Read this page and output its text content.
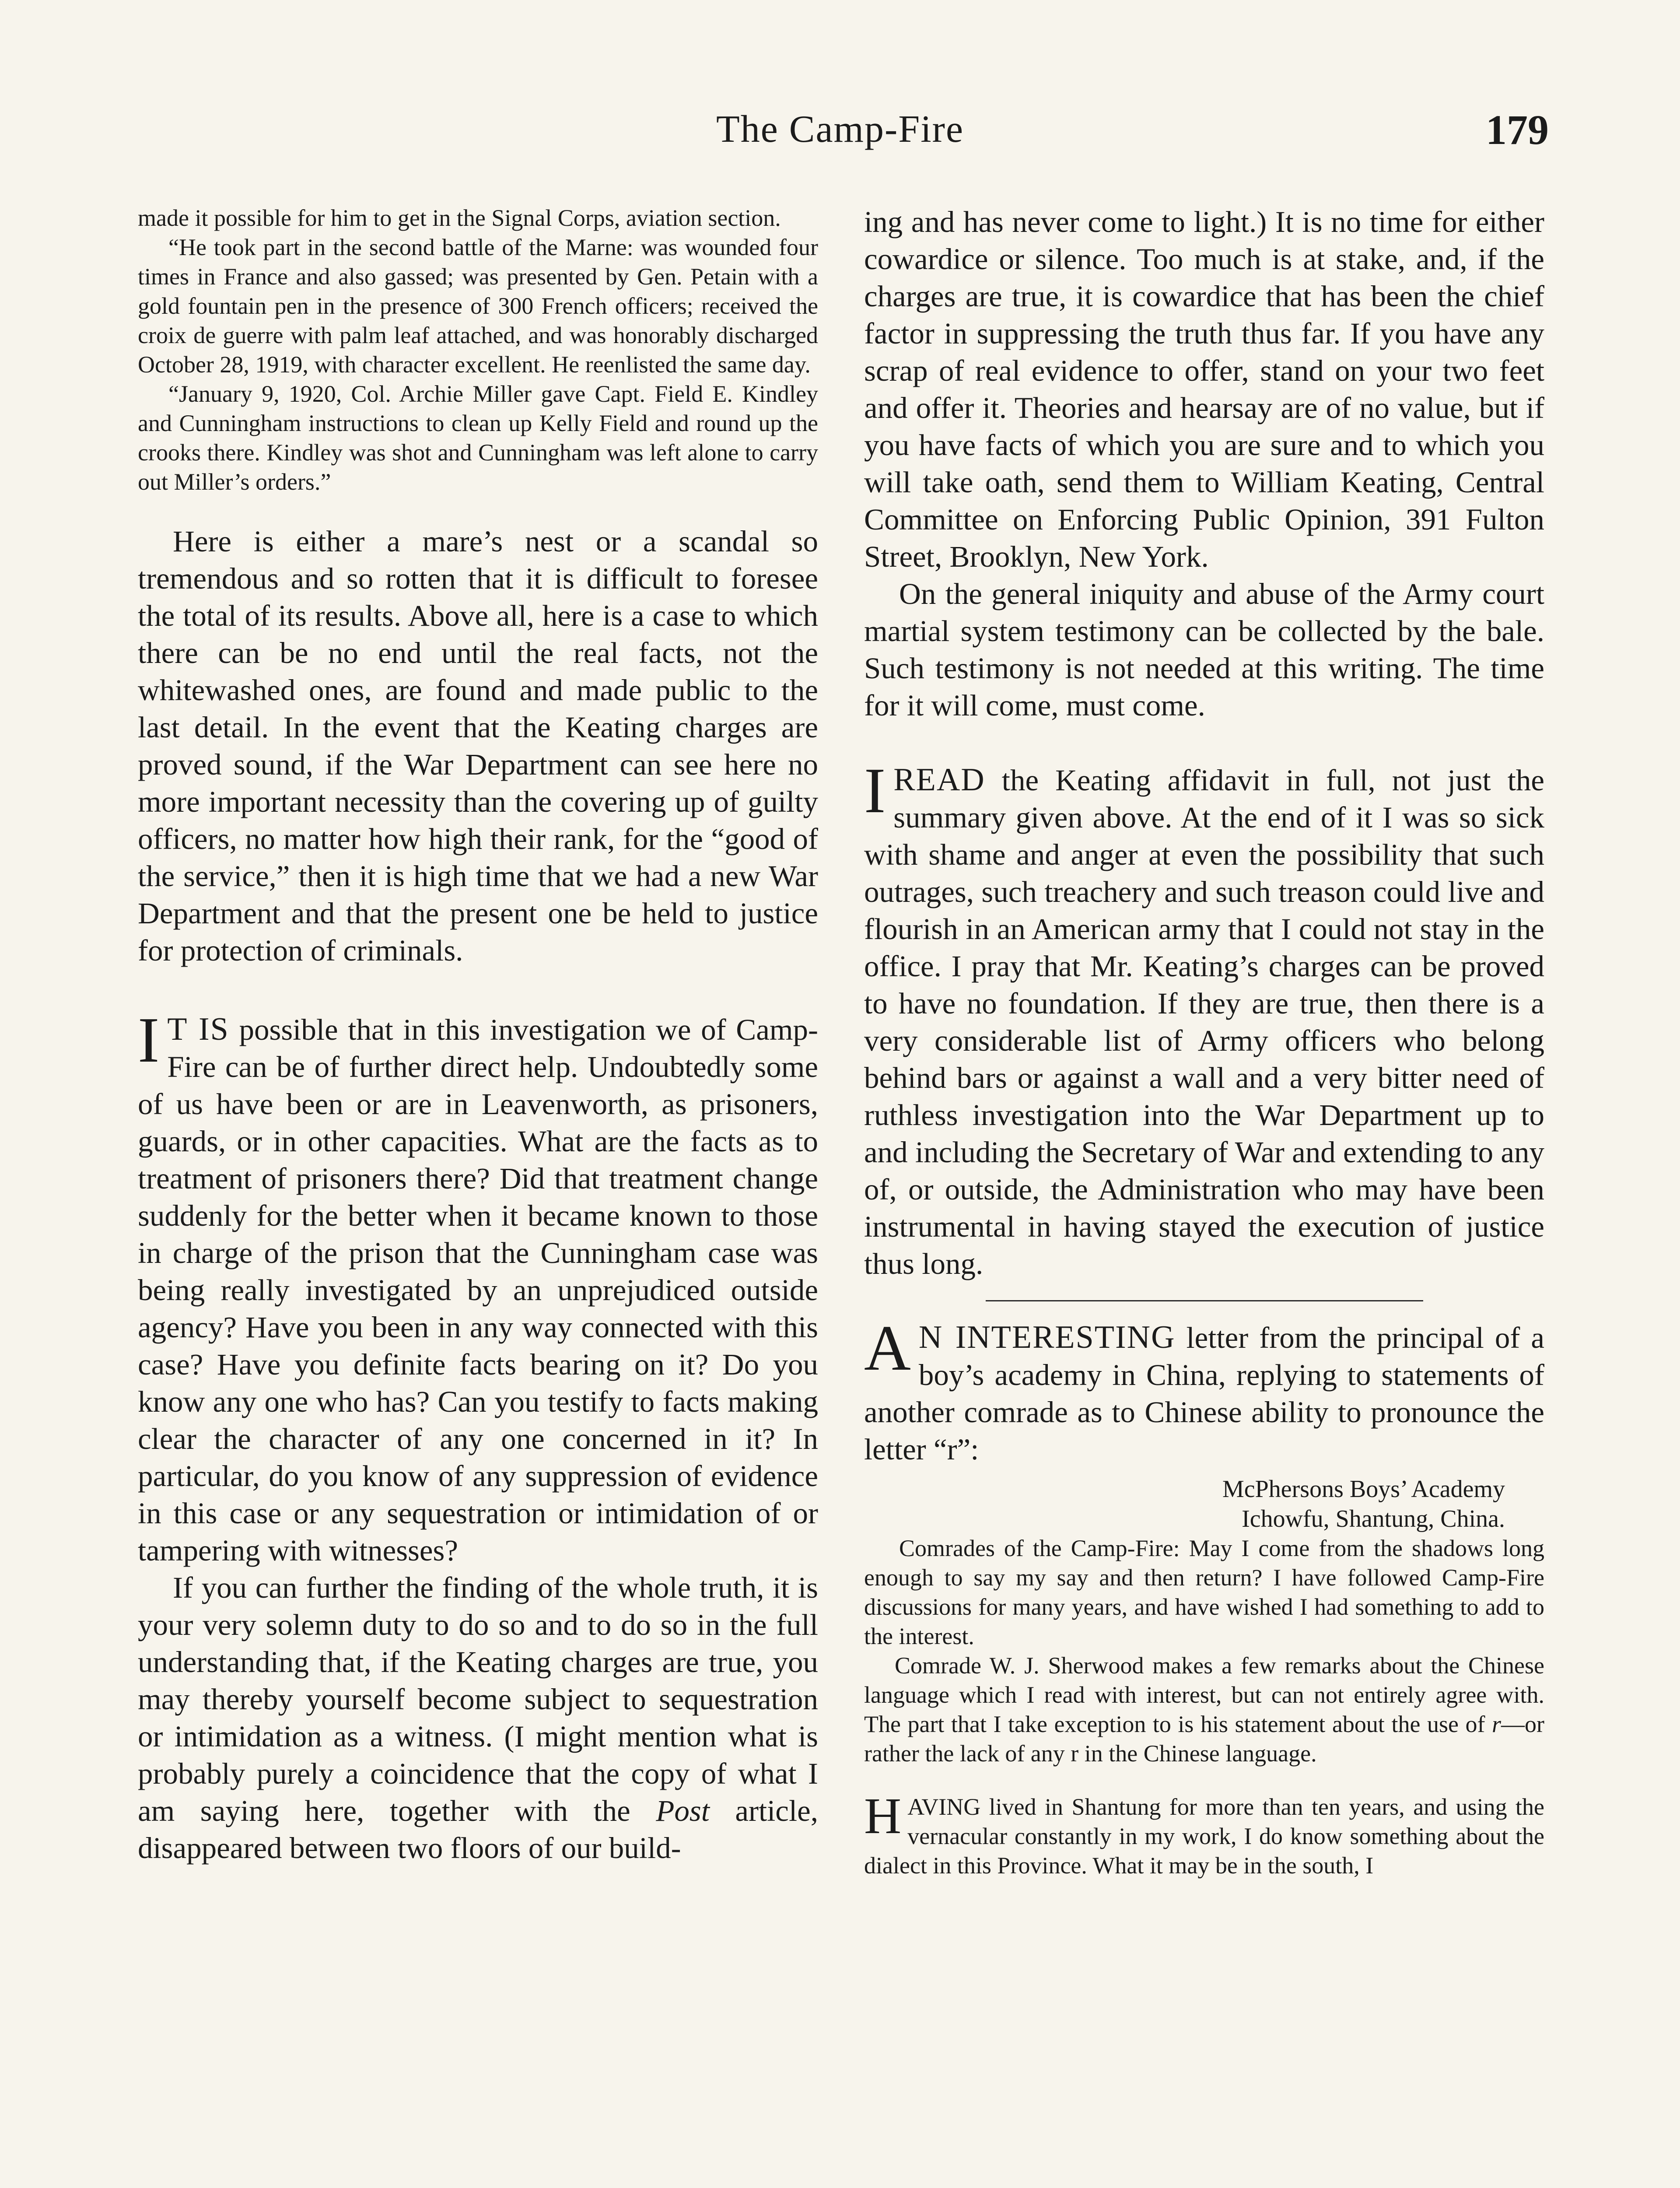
The Camp-Fire	179

made it possible for him to get in the Signal Corps, aviation section.

“He took part in the second battle of the Marne: was wounded four times in France and also gassed; was presented by Gen. Petain with a gold fountain pen in the presence of 300 French officers; received the croix de guerre with palm leaf attached, and was honorably discharged October 28, 1919, with character excellent. He reenlisted the same day.

“January 9, 1920, Col. Archie Miller gave Capt. Field E. Kindley and Cunningham instructions to clean up Kelly Field and round up the crooks there. Kindley was shot and Cunningham was left alone to carry out Miller’s orders.”

Here is either a mare’s nest or a scandal so tremendous and so rotten that it is difficult to foresee the total of its results. Above all, here is a case to which there can be no end until the real facts, not the whitewashed ones, are found and made public to the last detail. In the event that the Keating charges are proved sound, if the War Department can see here no more important necessity than the covering up of guilty officers, no matter how high their rank, for the “good of the service,” then it is high time that we had a new War Department and that the present one be held to justice for protection of criminals.

I T IS possible that in this investigation we of Camp-Fire can be of further direct help. Undoubtedly some of us have been or are in Leavenworth, as prisoners, guards, or in other capacities. What are the facts as to treatment of prisoners there? Did that treatment change suddenly for the better when it became known to those in charge of the prison that the Cunningham case was being really investigated by an unprejudiced outside agency? Have you been in any way connected with this case? Have you definite facts bearing on it? Do you know any one who has? Can you testify to facts making clear the character of any one concerned in it? In particular, do you know of any suppression of evidence in this case or any sequestration or intimidation of or tampering with witnesses?

If you can further the finding of the whole truth, it is your very solemn duty to do so and to do so in the full understanding that, if the Keating charges are true, you may thereby yourself become subject to sequestration or intimidation as a witness. (I might mention what is probably purely a coincidence that the copy of what I am saying here, together with the Post article, disappeared between two floors of our build-

ing and has never come to light.) It is no time for either cowardice or silence. Too much is at stake, and, if the charges are true, it is cowardice that has been the chief factor in suppressing the truth thus far. If you have any scrap of real evidence to offer, stand on your two feet and offer it. Theories and hearsay are of no value, but if you have facts of which you are sure and to which you will take oath, send them to William Keating, Central Committee on Enforcing Public Opinion, 391 Fulton Street, Brooklyn, New York.

On the general iniquity and abuse of the Army court martial system testimony can be collected by the bale. Such testimony is not needed at this writing. The time for it will come, must come.

IREAD the Keating affidavit in full, not just the summary given above. At the end of it I was so sick with shame and anger at even the possibility that such outrages, such treachery and such treason could live and flourish in an American army that I could not stay in the office. I pray that Mr. Keating’s charges can be proved to have no foundation. If they are true, then there is a very considerable list of Army officers who belong behind bars or against a wall and a very bitter need of ruthless investigation into the War Department up to and including the Secretary of War and extending to any of, or outside, the Administration who may have been instrumental in having stayed the execution of justice thus long.

A N INTERESTING letter from the principal of a boy’s academy in China, replying to statements of another comrade as to Chinese ability to pronounce the letter “r”:

McPhersons Boys’ Academy
Ichowfu, Shantung, China.

Comrades of the Camp-Fire: May I come from the shadows long enough to say my say and then return? I have followed Camp-Fire discussions for many years, and have wished I had something to add to the interest.

Comrade W. J. Sherwood makes a few remarks about the Chinese language which I read with interest, but can not entirely agree with. The part that I take exception to is his statement about the use of r—or rather the lack of any r in the Chinese language.

HAVING lived in Shantung for more than ten years, and using the vernacular constantly in my work, I do know something about the dialect in this Province. What it may be in the south, I
